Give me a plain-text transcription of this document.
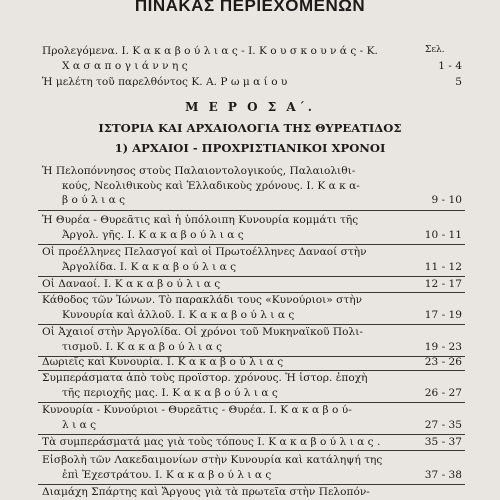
ΠΙΝΑΚΑΣ ΠΕΡΙΕΧΟΜΕΝΩΝ
Σελ.
Προλεγόμενα. Ι. Κ α κ α β ο ύ λ ι α ς - Ι. Κ ο υ σ κ ο υ ν ά ς - Κ.
Χ α σ α π ο γ ι ά ν ν η ς	1 - 4
Ἡ μελέτη τοῦ παρελθόντος Κ. Α. Ρ ω μ α ί ο υ	5
Μ Ε Ρ Ο Σ Α΄.
ΙΣΤΟΡΙΑ ΚΑΙ ΑΡΧΑΙΟΛΟΓΙΑ ΤΗΣ ΘΥΡΕΑΤΙΔΟΣ
1) ΑΡΧΑΙΟΙ - ΠΡΟΧΡΙΣΤΙΑΝΙΚΟΙ ΧΡΟΝΟΙ
Ἡ Πελοπόννησος στοὺς Παλαιοντολογικούς, Παλαιολιθι-
κούς, Νεολιθικοὺς καὶ Ἑλλαδικοὺς χρόνους. Ι. Κ α κ α-
β ο ύ λ ι α ς	9 - 10
Ἡ Θυρέα - Θυρεᾶτις καὶ ἡ ὑπόλοιπη Κυνουρία κομμάτι τῆς
Ἀργολ. γῆς. Ι. Κ α κ α β ο ύ λ ι α ς	10 - 11
Οἱ προέλληνες Πελασγοί καὶ οἱ Πρωτοέλληνες Δαναοί στὴν
Ἀργολίδα. Ι. Κ α κ α β ο ύ λ ι α ς	11 - 12
Οἱ Δαναοί. Ι. Κ α κ α β ο ύ λ ι α ς	12 - 17
Κάθοδος τῶν Ἰώνων. Τὸ παρακλάδι τους «Κυνούριοι» στὴν
Κυνουρία καὶ ἀλλοῦ. Ι. Κ α κ α β ο ύ λ ι α ς	17 - 19
Οἱ Ἀχαιοί στὴν Ἀργολίδα. Οἱ χρόνοι τοῦ Μυκηναϊκοῦ Πολι-
τισμοῦ. Ι. Κ α κ α β ο ύ λ ι α ς	19 - 23
Δωριεῖς καὶ Κυνουρία. Ι. Κ α κ α β ο ύ λ ι α ς	23 - 26
Συμπεράσματα ἀπὸ τοὺς προϊστορ. χρόνους. Ἡ ἱστορ. ἐποχὴ
τῆς περιοχῆς μας. Ι. Κ α κ α β ο ύ λ ι α ς	26 - 27
Κυνουρία - Κυνούριοι - Θυρεᾶτις - Θυρέα. Ι. Κ α κ α β ο ύ-
λ ι α ς	27 - 35
Τὰ συμπεράσματά μας γιὰ τοὺς τόπους Ι. Κ α κ α β ο ύ λ ι α ς .	35 - 37
Εἰσβολὴ τῶν Λακεδαιμονίων στὴν Κυνουρία καὶ κατάληψή της
ἐπὶ Ἐχεστράτου. Ι. Κ α κ α β ο ύ λ ι α ς	37 - 38
Διαμάχη Σπάρτης καὶ Ἄργους γιὰ τὰ πρωτεῖα στὴν Πελοπόν-
